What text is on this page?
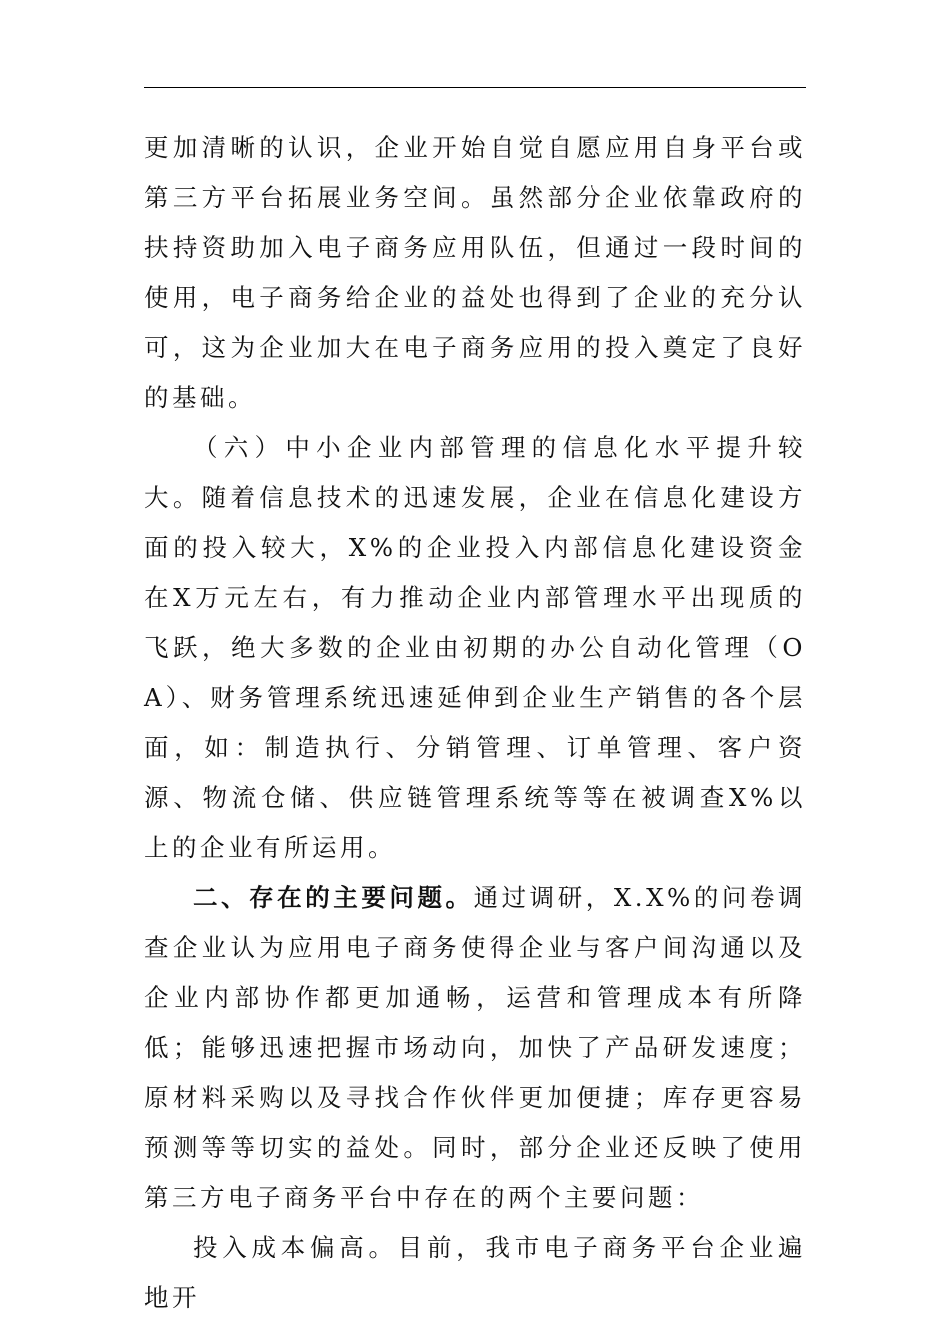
更加清晰的认识，企业开始自觉自愿应用自身平台或第三方平台拓展业务空间。虽然部分企业依靠政府的扶持资助加入电子商务应用队伍，但通过一段时间的使用，电子商务给企业的益处也得到了企业的充分认可，这为企业加大在电子商务应用的投入奠定了良好的基础。

（六）中小企业内部管理的信息化水平提升较大。随着信息技术的迅速发展，企业在信息化建设方面的投入较大，X%的企业投入内部信息化建设资金在X万元左右，有力推动企业内部管理水平出现质的飞跃，绝大多数的企业由初期的办公自动化管理（OA）、财务管理系统迅速延伸到企业生产销售的各个层面，如：制造执行、分销管理、订单管理、客户资源、物流仓储、供应链管理系统等等在被调查X%以上的企业有所运用。

二、存在的主要问题。通过调研，X.X%的问卷调查企业认为应用电子商务使得企业与客户间沟通以及企业内部协作都更加通畅，运营和管理成本有所降低；能够迅速把握市场动向，加快了产品研发速度；原材料采购以及寻找合作伙伴更加便捷；库存更容易预测等等切实的益处。同时，部分企业还反映了使用第三方电子商务平台中存在的两个主要问题：

投入成本偏高。目前，我市电子商务平台企业遍地开
